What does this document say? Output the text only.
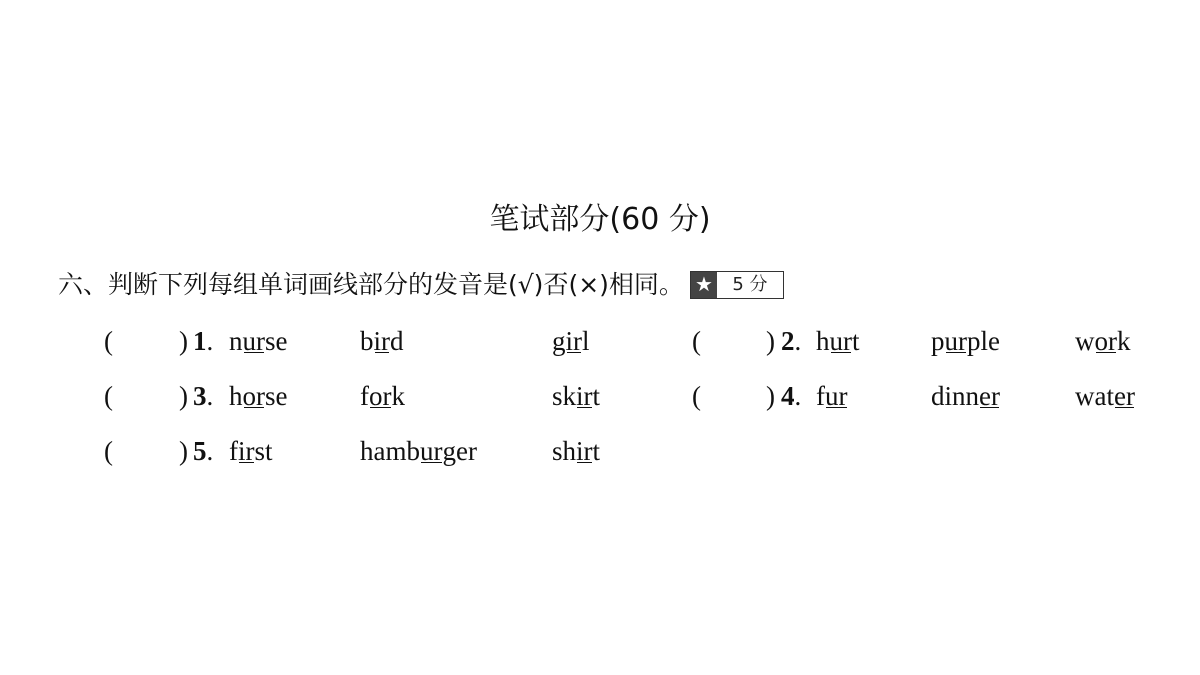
笔试部分(60 分)
六、判断下列每组单词画线部分的发音是(√)否(×)相同。 ★	5 分
( ) 1. nurse	bird	girl	( ) 2. hurt	purple	work
( ) 3. horse	fork	skirt	( ) 4. fur	dinner	water
( ) 5. first	hamburger	shirt
